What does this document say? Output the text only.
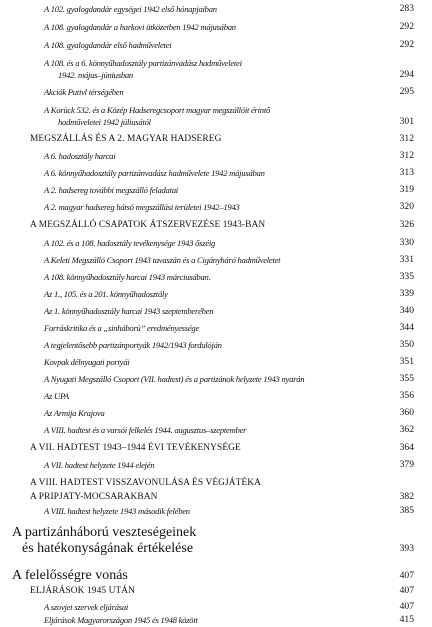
A 102. gyalogdandár egységei 1942 első hónapjaiban	283
A 108. gyalogdandár a harkovi ütközetben 1942 májusában	292
A 108. gyalogdandár első hadműveletei	292
A 108. és a 6. könnyűhadosztály partizánvadász hadműveletei
1942. május–júniusban	294
Akciók Putivl térségében	295
A Korück 532. és a Közép Hadseregcsoport magyar megszállóit érintő
hadműveletei 1942 júliusától	301
MEGSZÁLLÁS ÉS A 2. MAGYAR HADSEREG	312
A 6. hadosztály harcai	312
A 6. könnyűhadosztály partizánvadász hadművelete 1942 májusában	313
A 2. hadsereg további megszálló feladatai	319
A 2. magyar hadsereg hátsó megszállási területei 1942–1943	320
A MEGSZÁLLÓ CSAPATOK ÁTSZERVEZÉSE 1943-BAN	326
A 102. és a 108. hadosztály tevékenysége 1943 őszéig	330
A Keleti Megszálló Csoport 1943 tavaszán és a Cigányháró hadműveletet	331
A 108. könnyűhadosztály harcai 1943 márciusában.	335
Az 1., 105. és a 201. könnyűhadosztály	339
Az 1. könnyűhadosztály harcai 1943 szeptemberében	340
Forráskritika és a „sinháború” eredményessége	344
A tegjelentősebb partizánportyák 1942/1943 fordulóján	350
Kovpak délnyugati portyái	351
A Nyugati Megszálló Csoport (VII. hadtest) és a partizánok helyzete 1943 nyarán	355
Az UPA	356
Az Armija Krajova	360
A VIII. hadtest és a varsói felkelés 1944. augusztus–szeptember	362
A VII. HADTEST 1943–1944 ÉVI TEVÉKENYSÉGE	364
A VII. hadtest helyzete 1944 elején	379
A VIII. HADTEST VISSZAVONULÁSA ÉS VÉGJÁTÉKA
A PRIPJATY-MOCSARAKBAN	382
A VIII. hadtest helyzete 1943 második felében	385
A partizánháború veszteségeinek
és hatékonyságának értékelése	393
A felelősségre vonás	407
ELJÁRÁSOK 1945 UTÁN	407
A szovjet szervek eljárásai	407
Eljárások Magyarországon 1945 és 1948 között	415
